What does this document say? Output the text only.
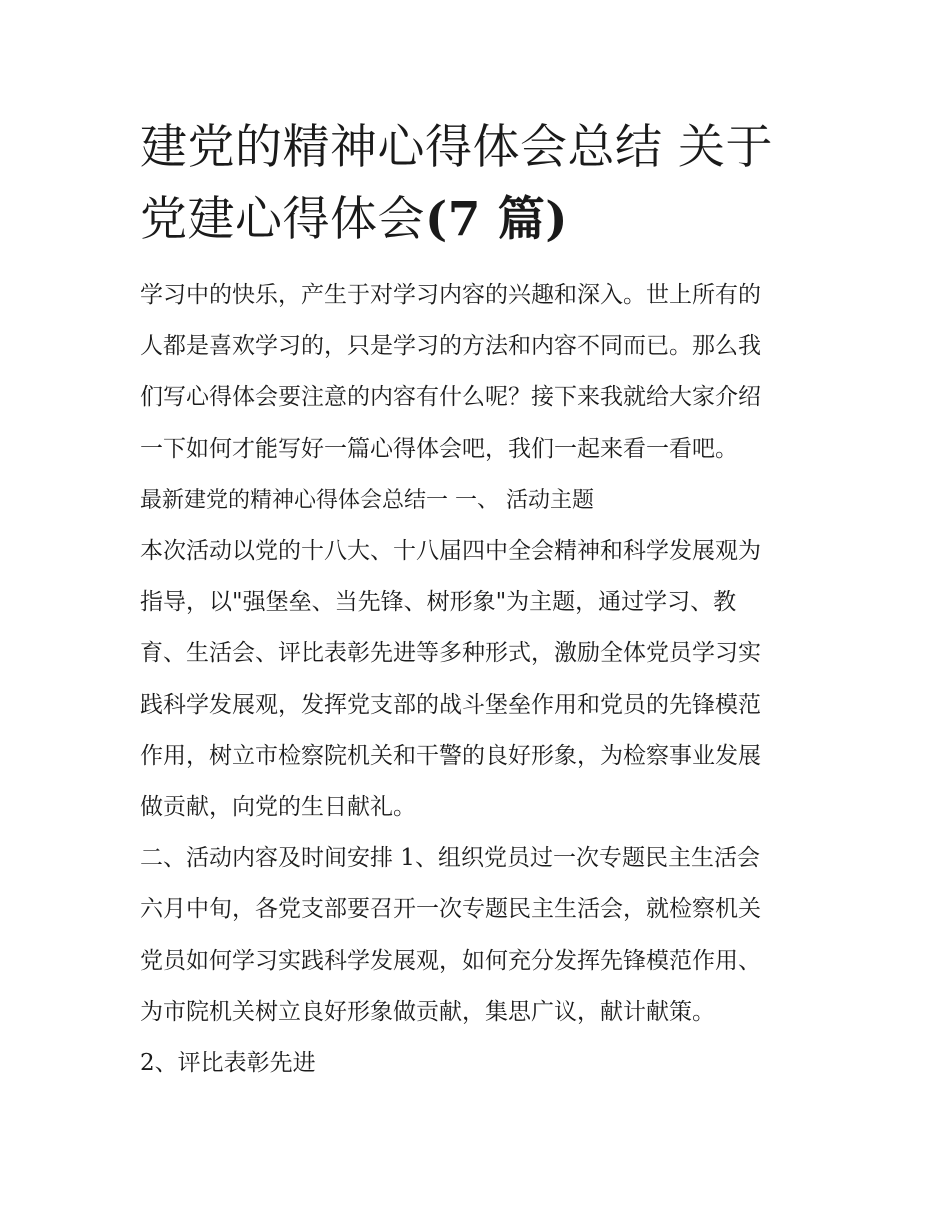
建党的精神心得体会总结 关于
党建心得体会(7 篇)
学习中的快乐，产生于对学习内容的兴趣和深入。世上所有的
人都是喜欢学习的，只是学习的方法和内容不同而已。那么我
们写心得体会要注意的内容有什么呢？接下来我就给大家介绍
一下如何才能写好一篇心得体会吧，我们一起来看一看吧。
最新建党的精神心得体会总结一 一、 活动主题
本次活动以党的十八大、十八届四中全会精神和科学发展观为
指导，以"强堡垒、当先锋、树形象"为主题，通过学习、教
育、生活会、评比表彰先进等多种形式，激励全体党员学习实
践科学发展观，发挥党支部的战斗堡垒作用和党员的先锋模范
作用，树立市检察院机关和干警的良好形象，为检察事业发展
做贡献，向党的生日献礼。
二、活动内容及时间安排 1、组织党员过一次专题民主生活会
六月中旬，各党支部要召开一次专题民主生活会，就检察机关
党员如何学习实践科学发展观，如何充分发挥先锋模范作用、
为市院机关树立良好形象做贡献，集思广议，献计献策。
2、评比表彰先进
